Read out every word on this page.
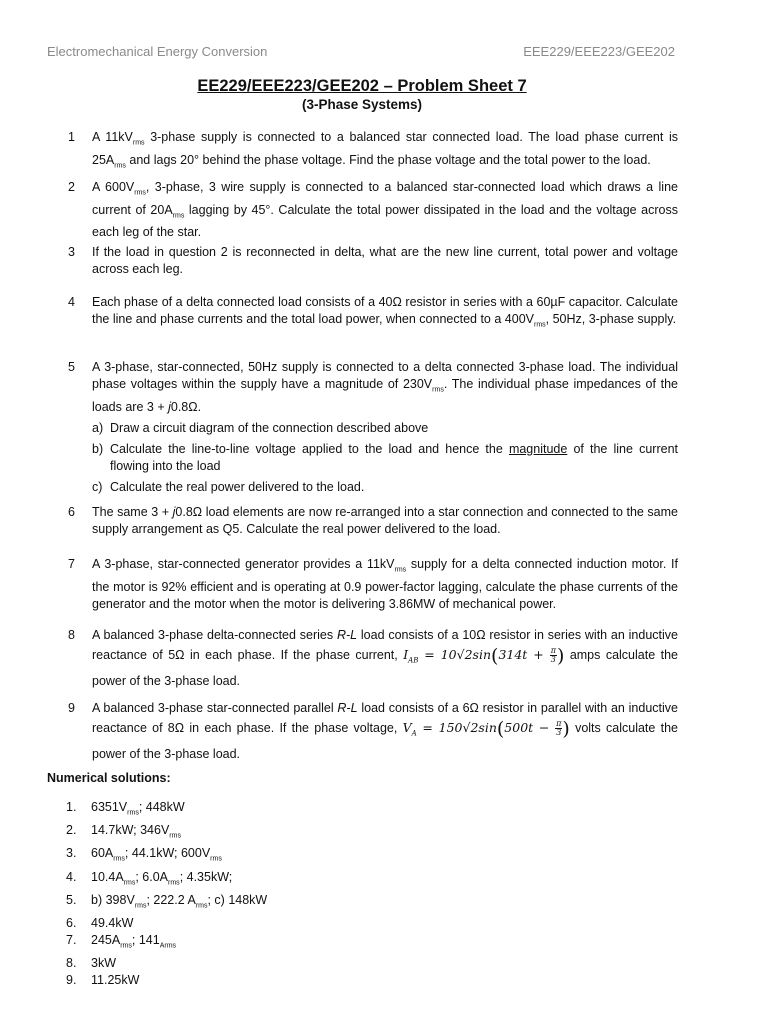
Electromechanical Energy Conversion	EEE229/EEE223/GEE202
EE229/EEE223/GEE202 – Problem Sheet 7
(3-Phase Systems)
1	A $11kV_{rms}$ 3-phase supply is connected to a balanced star connected load. The load phase current is $25A_{rms}$ and lags 20° behind the phase voltage. Find the phase voltage and the total power to the load.
2	A $600V_{rms}$, 3-phase, 3 wire supply is connected to a balanced star-connected load which draws a line current of $20A_{rms}$ lagging by 45°. Calculate the total power dissipated in the load and the voltage across each leg of the star.
3	If the load in question 2 is reconnected in delta, what are the new line current, total power and voltage across each leg.
4	Each phase of a delta connected load consists of a 40Ω resistor in series with a 60µF capacitor. Calculate the line and phase currents and the total load power, when connected to a $400V_{rms}$, 50Hz, 3-phase supply.
5	A 3-phase, star-connected, 50Hz supply is connected to a delta connected 3-phase load. The individual phase voltages within the supply have a magnitude of $230V_{rms}$. The individual phase impedances of the loads are 3 + j0.8Ω.
a) Draw a circuit diagram of the connection described above
b) Calculate the line-to-line voltage applied to the load and hence the magnitude of the line current flowing into the load
c) Calculate the real power delivered to the load.
6	The same 3 + j0.8Ω load elements are now re-arranged into a star connection and connected to the same supply arrangement as Q5. Calculate the real power delivered to the load.
7	A 3-phase, star-connected generator provides a $11kV_{rms}$ supply for a delta connected induction motor. If the motor is 92% efficient and is operating at 0.9 power-factor lagging, calculate the phase currents of the generator and the motor when the motor is delivering 3.86MW of mechanical power.
8	A balanced 3-phase delta-connected series R-L load consists of a 10Ω resistor in series with an inductive reactance of 5Ω in each phase. If the phase current, $I_{AB} = 10√2\sin(314t + \frac{\pi}{3}$ ) amps calculate the power of the 3-phase load.
9	A balanced 3-phase star-connected parallel R-L load consists of a 6Ω resistor in parallel with an inductive reactance of 8Ω in each phase. If the phase voltage, $V_A = 150√2\sin(500t - \frac{\pi}{3}$ ) volts calculate the power of the 3-phase load.
Numerical solutions:
1.	$6351V_{rms}$; 448kW
2.	14.7kW; $346V_{rms}$
3.	$60A_{rms}$; 44.1kW; $600V_{rms}$
4.	$10.4A_{rms}$; $6.0A_{rms}$; 4.35kW;
5.	b) $398V_{rms}$; 222.2 $A_{rms}$; c) 148kW
6.	49.4kW
7.	$245A_{rms}$; $141_{Arms}$
8.	3kW
9.	11.25kW
